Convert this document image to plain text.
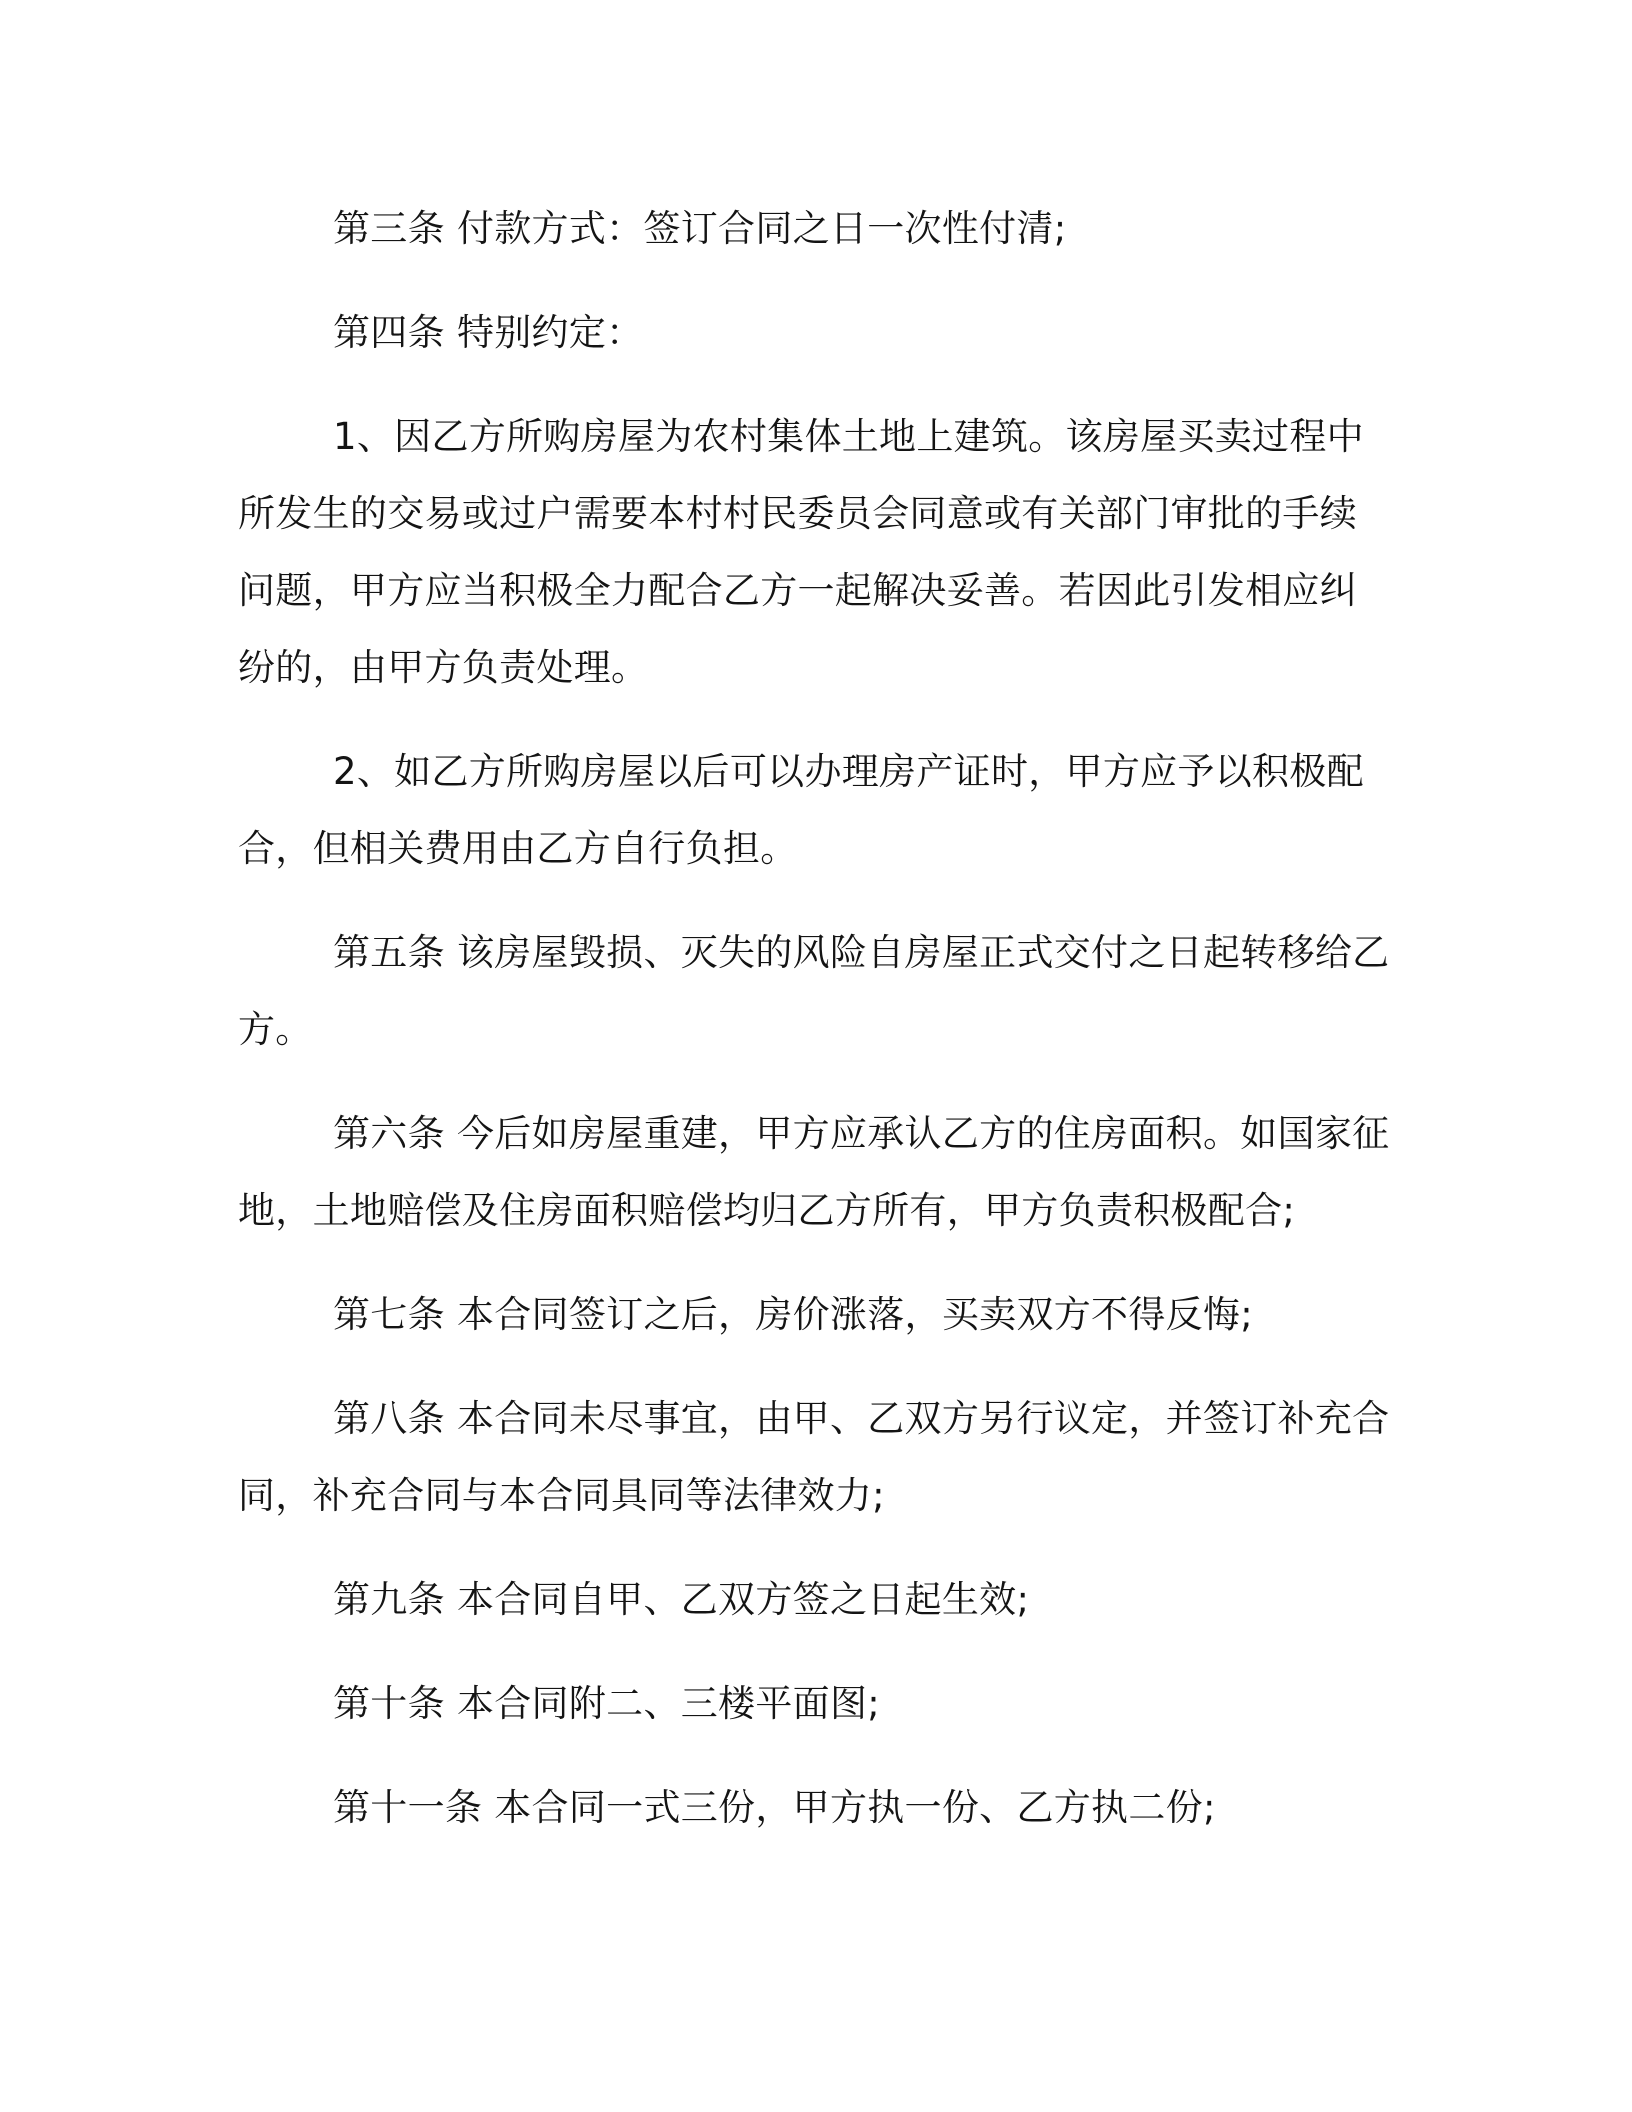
第三条 付款方式：签订合同之日一次性付清;

第四条 特别约定：

1、因乙方所购房屋为农村集体土地上建筑。该房屋买卖过程中所发生的交易或过户需要本村村民委员会同意或有关部门审批的手续问题，甲方应当积极全力配合乙方一起解决妥善。若因此引发相应纠纷的，由甲方负责处理。

2、如乙方所购房屋以后可以办理房产证时，甲方应予以积极配合，但相关费用由乙方自行负担。

第五条 该房屋毁损、灭失的风险自房屋正式交付之日起转移给乙方。

第六条 今后如房屋重建，甲方应承认乙方的住房面积。如国家征地，土地赔偿及住房面积赔偿均归乙方所有，甲方负责积极配合;

第七条 本合同签订之后，房价涨落，买卖双方不得反悔;

第八条 本合同未尽事宜，由甲、乙双方另行议定，并签订补充合同，补充合同与本合同具同等法律效力;

第九条 本合同自甲、乙双方签之日起生效;

第十条 本合同附二、三楼平面图;

第十一条 本合同一式三份，甲方执一份、乙方执二份;
